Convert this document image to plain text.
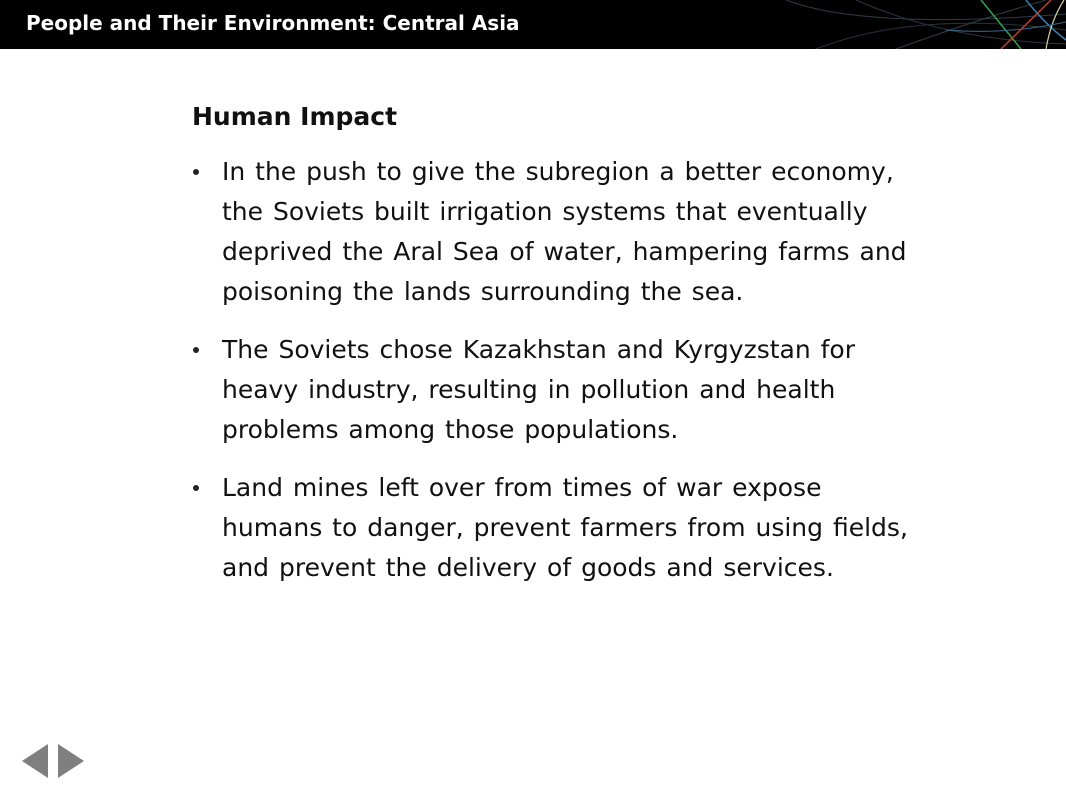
People and Their Environment: Central Asia
Human Impact
In the push to give the subregion a better economy, the Soviets built irrigation systems that eventually deprived the Aral Sea of water, hampering farms and poisoning the lands surrounding the sea.
The Soviets chose Kazakhstan and Kyrgyzstan for heavy industry, resulting in pollution and health problems among those populations.
Land mines left over from times of war expose humans to danger, prevent farmers from using fields, and prevent the delivery of goods and services.
